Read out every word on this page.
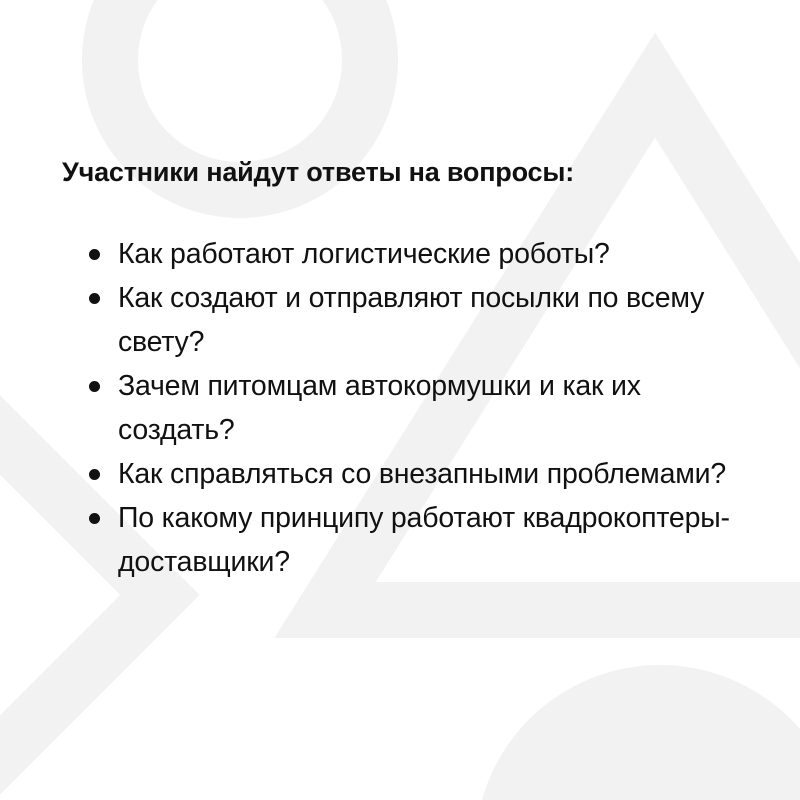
Участники найдут ответы на вопросы:
Как работают логистические роботы?
Как создают и отправляют посылки по всему свету?
Зачем питомцам автокормушки и как их создать?
Как справляться со внезапными проблемами?
По какому принципу работают квадрокоптеры-доставщики?
